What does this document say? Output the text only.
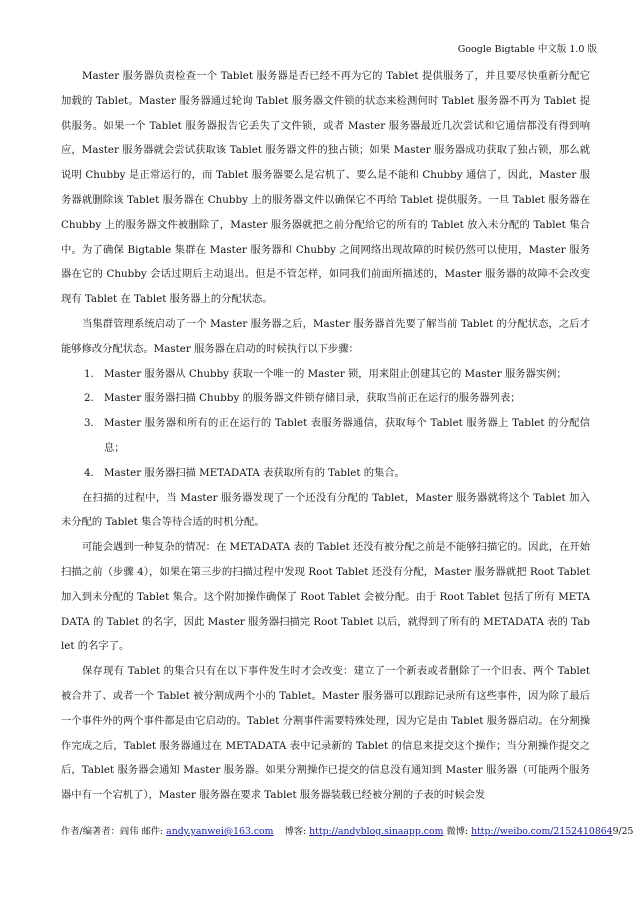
Google Bigtable 中文版 1.0 版

Master 服务器负责检查一个 Tablet 服务器是否已经不再为它的 Tablet 提供服务了，并且要尽快重新分配它加载的 Tablet。Master 服务器通过轮询 Tablet 服务器文件锁的状态来检测何时 Tablet 服务器不再为 Tablet 提供服务。如果一个 Tablet 服务器报告它丢失了文件锁，或者 Master 服务器最近几次尝试和它通信都没有得到响应，Master 服务器就会尝试获取该 Tablet 服务器文件的独占锁；如果 Master 服务器成功获取了独占锁，那么就说明 Chubby 是正常运行的，而 Tablet 服务器要么是宕机了、要么是不能和 Chubby 通信了，因此，Master 服务器就删除该 Tablet 服务器在 Chubby 上的服务器文件以确保它不再给 Tablet 提供服务。一旦 Tablet 服务器在 Chubby 上的服务器文件被删除了，Master 服务器就把之前分配给它的所有的 Tablet 放入未分配的 Tablet 集合中。为了确保 Bigtable 集群在 Master 服务器和 Chubby 之间网络出现故障的时候仍然可以使用，Master 服务器在它的 Chubby 会话过期后主动退出。但是不管怎样，如同我们前面所描述的，Master 服务器的故障不会改变现有 Tablet 在 Tablet 服务器上的分配状态。

当集群管理系统启动了一个 Master 服务器之后，Master 服务器首先要了解当前 Tablet 的分配状态，之后才能够修改分配状态。Master 服务器在启动的时候执行以下步骤：

1. Master 服务器从 Chubby 获取一个唯一的 Master 锁，用来阻止创建其它的 Master 服务器实例；
2. Master 服务器扫描 Chubby 的服务器文件锁存储目录，获取当前正在运行的服务器列表；
3. Master 服务器和所有的正在运行的 Tablet 表服务器通信，获取每个 Tablet 服务器上 Tablet 的分配信息；
4. Master 服务器扫描 METADATA 表获取所有的 Tablet 的集合。

在扫描的过程中，当 Master 服务器发现了一个还没有分配的 Tablet，Master 服务器就将这个 Tablet 加入未分配的 Tablet 集合等待合适的时机分配。

可能会遇到一种复杂的情况：在 METADATA 表的 Tablet 还没有被分配之前是不能够扫描它的。因此，在开始扫描之前（步骤 4），如果在第三步的扫描过程中发现 Root Tablet 还没有分配，Master 服务器就把 Root Tablet 加入到未分配的 Tablet 集合。这个附加操作确保了 Root Tablet 会被分配。由于 Root Tablet 包括了所有 METADATA 的 Tablet 的名字，因此 Master 服务器扫描完 Root Tablet 以后，就得到了所有的 METADATA 表的 Tablet 的名字了。

保存现有 Tablet 的集合只有在以下事件发生时才会改变：建立了一个新表或者删除了一个旧表、两个 Tablet 被合并了、或者一个 Tablet 被分割成两个小的 Tablet。Master 服务器可以跟踪记录所有这些事件，因为除了最后一个事件外的两个事件都是由它启动的。Tablet 分割事件需要特殊处理，因为它是由 Tablet 服务器启动。在分割操作完成之后，Tablet 服务器通过在 METADATA 表中记录新的 Tablet 的信息来提交这个操作；当分割操作提交之后，Tablet 服务器会通知 Master 服务器。如果分割操作已提交的信息没有通知到 Master 服务器（可能两个服务器中有一个宕机了），Master 服务器在要求 Tablet 服务器装载已经被分割的子表的时候会发

作者/编著者：阎伟 邮件: andy.yanwei@163.com 博客: http://andyblog.sinaapp.com 微博: http://weibo.com/2152410864 9/25
